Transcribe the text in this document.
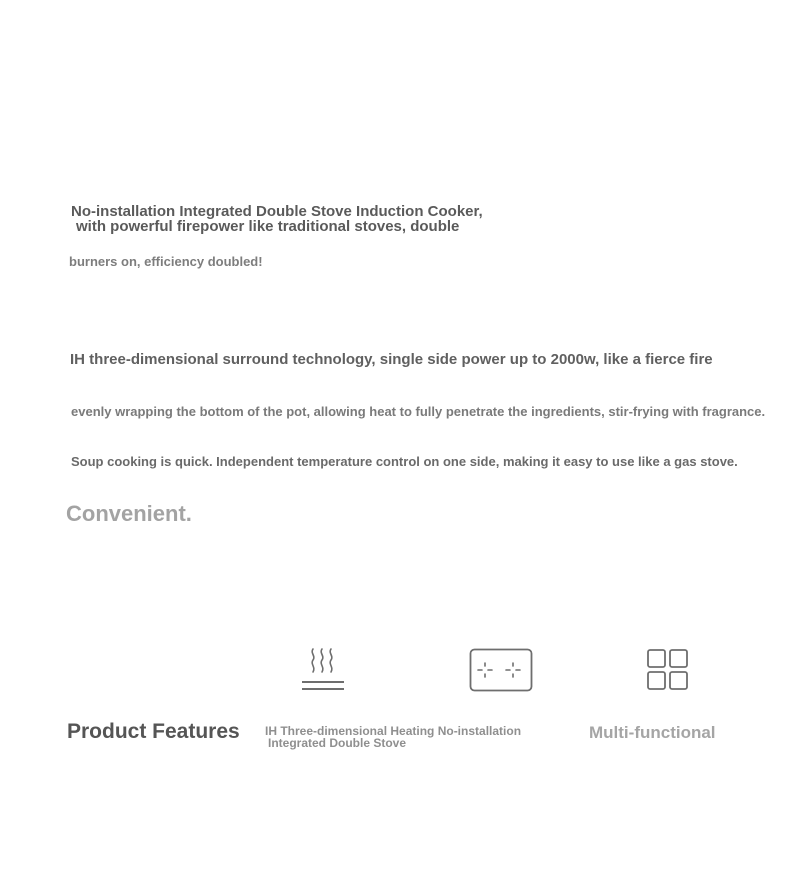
No-installation Integrated Double Stove Induction Cooker,

with powerful firepower like traditional stoves, double

burners on, efficiency doubled!

IH three-dimensional surround technology, single side power up to 2000w, like a fierce fire

evenly wrapping the bottom of the pot, allowing heat to fully penetrate the ingredients, stir-frying with fragrance.

Soup cooking is quick. Independent temperature control on one side, making it easy to use like a gas stove.

Convenient.

Product Features IH Three-dimensional Heating No-installation
Integrated Double Stove

Multi-functional
